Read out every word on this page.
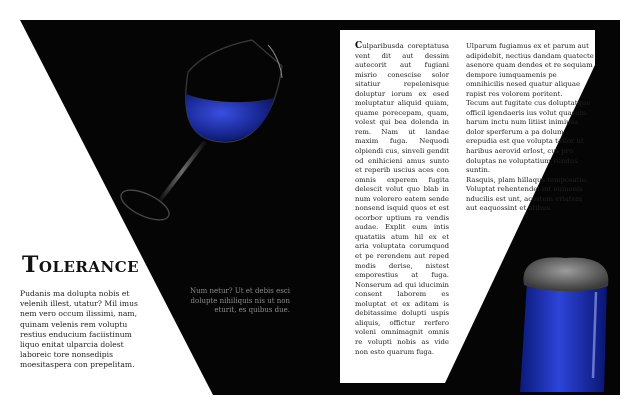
Tolerance

Pudanis ma dolupta nobis et velenih illest, utatur? Mil imus nem vero occum ilissimi, nam, quinam velenis rem voluptu restius enducium faciistinum liquo enitat ulparcia dolest laboreic tore nonsedipis moesitaspera con prepelitam.

Num netur? Ut et debis esci dolupte nihiliquis nis ut non eturit, es quibus due.

Culparibusda coreptatusa vent dit aut dessim autecorit aut fugiani misrio conescise solor sitatiur repelenisque doluptur iorum ex esed moluptatur aliquid quiam, quame porecepam, quam, volest qui bea dolenda in rem. Nam ut landae maxim fuga. Nequodi olpiendi cus, sinveli gendit od enihicieni amus sunto et reperib uscius aces con omnis experem fugita delescit volut quo blab in num volorero eatem sende nonsend isquid quos et est ocorbor uptium ra vendis audae. Explit eum intis quatatiis atum hil ex et aria voluptata corumquod et pe rerendem aut reped modis derise, nistest emporestius at fuga. Nonserum ad qui iducimin consent laborem es moluptat et ex aditam is debitassime dolupti uspis aliquis, offictur rerfero voleni omnimagnit omnis re volupti nobis as vide non esto quarum fuga.

Ulparum fugiamus ex et parum aut adipidebit, nectius dandam quatecte asenore quam dendes et re sequiam dempore iumquamenis pe omnihicilis nesed quatur aliquae rapist res volorem poritent.

Tecum aut fugitate cus doluptatque officil igendaeris ius volut quasum harum inctu num litiist inimiusa dolor sperferum a pa dolum erepudia est que volupta tatior ut haribus aerovid erlost, cus pro doluptas ne voluptatium vendus suntin.

Rasquis, plam hillaqus temposatio. Voluptat rehentendel int eumenis nducilis est unt, acestem eriatem aut eaquossint et atibus.
